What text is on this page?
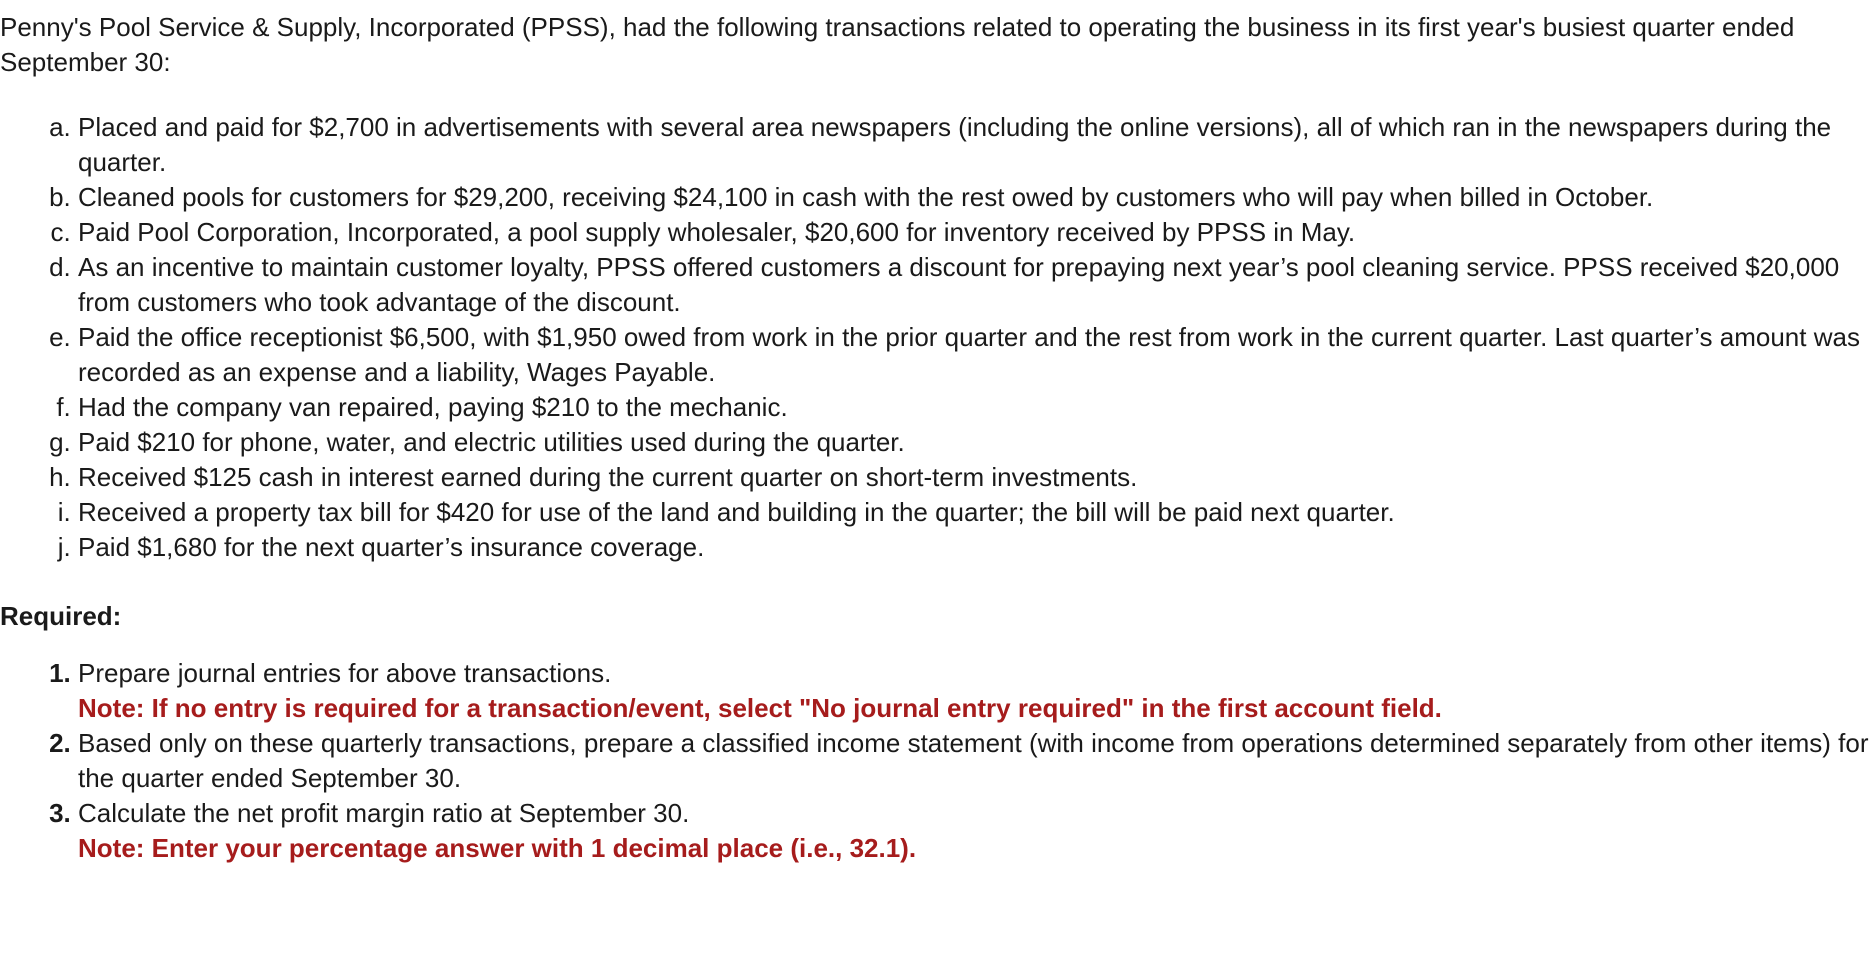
Penny's Pool Service & Supply, Incorporated (PPSS), had the following transactions related to operating the business in its first year's busiest quarter ended September 30:

a. Placed and paid for $2,700 in advertisements with several area newspapers (including the online versions), all of which ran in the newspapers during the quarter.
b. Cleaned pools for customers for $29,200, receiving $24,100 in cash with the rest owed by customers who will pay when billed in October.
c. Paid Pool Corporation, Incorporated, a pool supply wholesaler, $20,600 for inventory received by PPSS in May.
d. As an incentive to maintain customer loyalty, PPSS offered customers a discount for prepaying next year’s pool cleaning service. PPSS received $20,000 from customers who took advantage of the discount.
e. Paid the office receptionist $6,500, with $1,950 owed from work in the prior quarter and the rest from work in the current quarter. Last quarter’s amount was recorded as an expense and a liability, Wages Payable.
f. Had the company van repaired, paying $210 to the mechanic.
g. Paid $210 for phone, water, and electric utilities used during the quarter.
h. Received $125 cash in interest earned during the current quarter on short-term investments.
i. Received a property tax bill for $420 for use of the land and building in the quarter; the bill will be paid next quarter.
j. Paid $1,680 for the next quarter’s insurance coverage.
Required:
1. Prepare journal entries for above transactions.
Note: If no entry is required for a transaction/event, select "No journal entry required" in the first account field.
2. Based only on these quarterly transactions, prepare a classified income statement (with income from operations determined separately from other items) for the quarter ended September 30.
3. Calculate the net profit margin ratio at September 30.
Note: Enter your percentage answer with 1 decimal place (i.e., 32.1).
